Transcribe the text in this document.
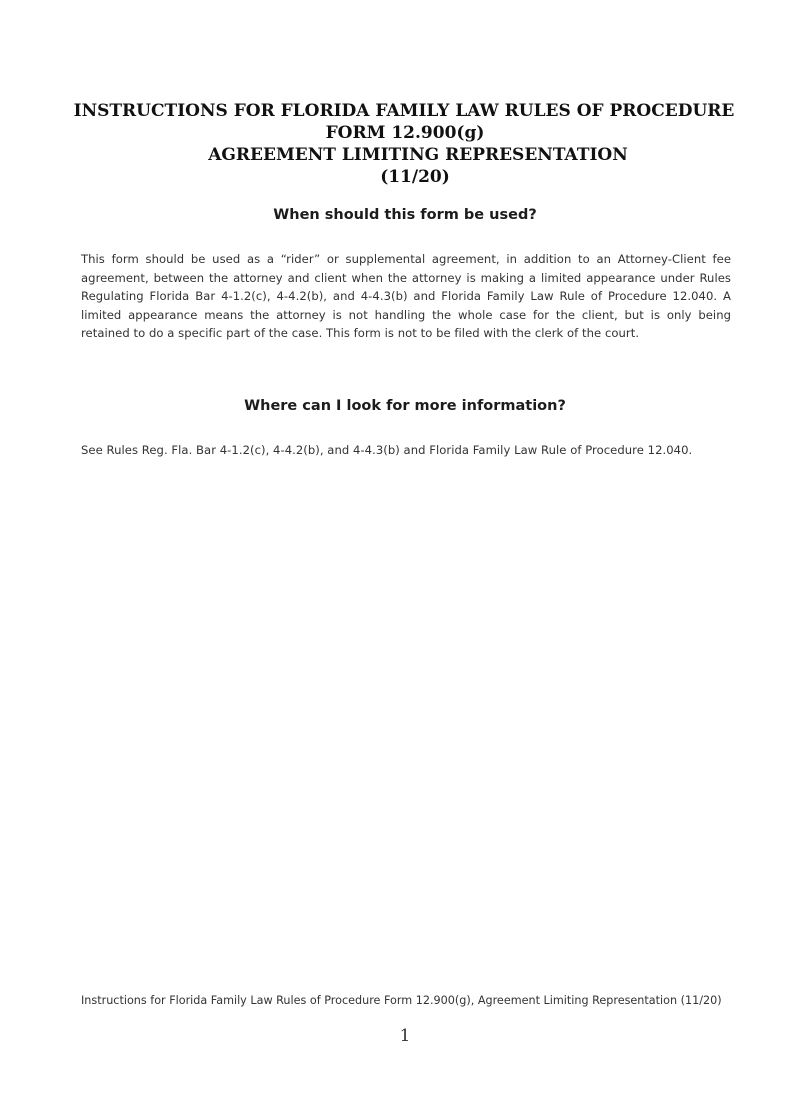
INSTRUCTIONS FOR FLORIDA FAMILY LAW RULES OF PROCEDURE
FORM 12.900(g)
AGREEMENT LIMITING REPRESENTATION
(11/20)
When should this form be used?
This form should be used as a “rider” or supplemental agreement, in addition to an Attorney-Client fee agreement, between the attorney and client when the attorney is making a limited appearance under Rules Regulating Florida Bar 4-1.2(c), 4-4.2(b), and 4-4.3(b) and Florida Family Law Rule of Procedure 12.040. A limited appearance means the attorney is not handling the whole case for the client, but is only being retained to do a specific part of the case. This form is not to be filed with the clerk of the court.
Where can I look for more information?
See Rules Reg. Fla. Bar 4-1.2(c), 4-4.2(b), and 4-4.3(b) and Florida Family Law Rule of Procedure 12.040.
Instructions for Florida Family Law Rules of Procedure Form 12.900(g), Agreement Limiting Representation (11/20)
1
